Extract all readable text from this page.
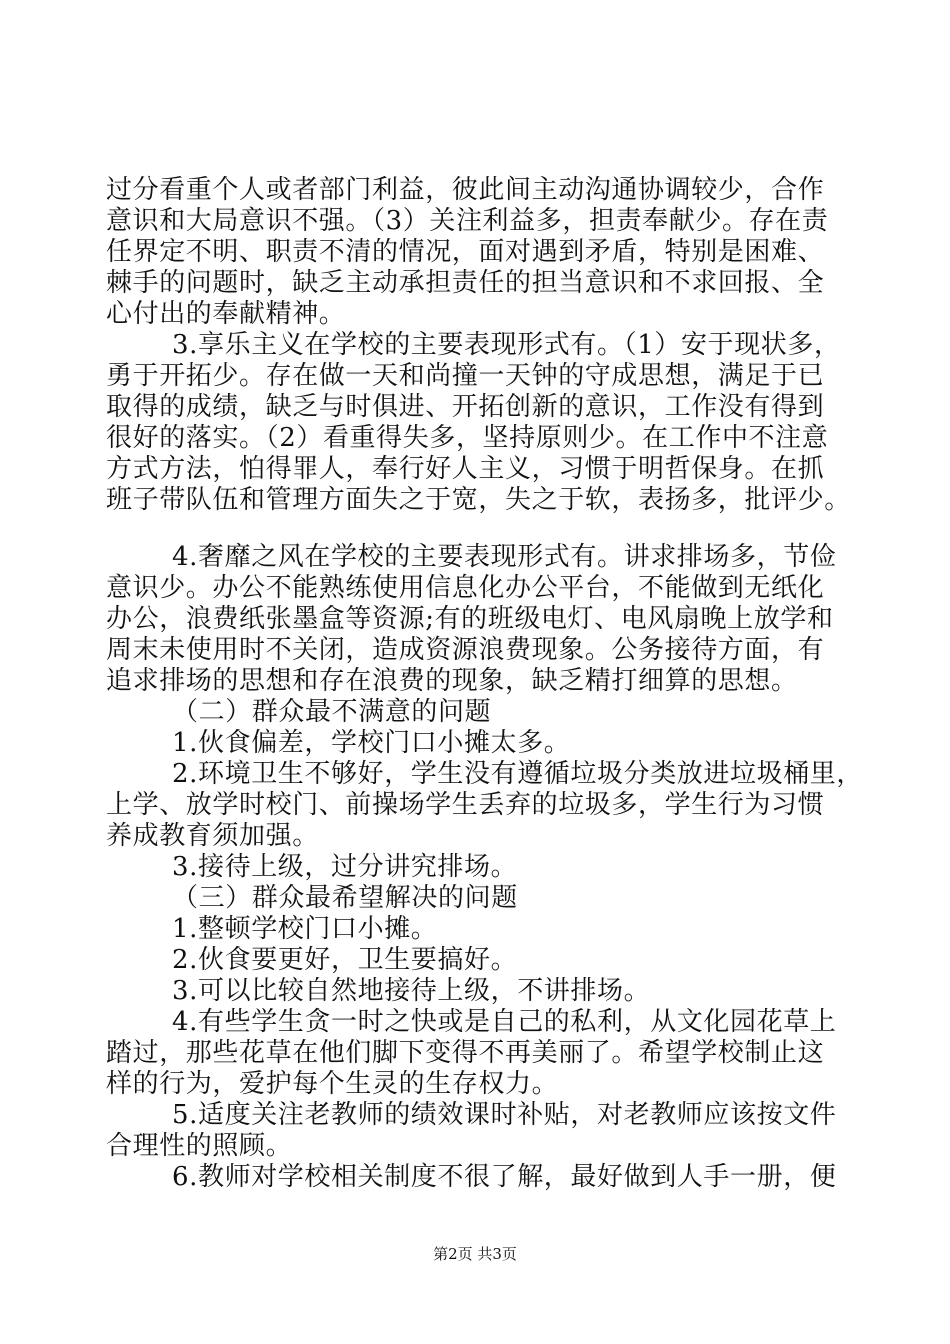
过分看重个人或者部门利益，彼此间主动沟通协调较少，合作
意识和大局意识不强。（3）关注利益多，担责奉献少。存在责
任界定不明、职责不清的情况，面对遇到矛盾，特别是困难、
棘手的问题时，缺乏主动承担责任的担当意识和不求回报、全
心付出的奉献精神。
3.享乐主义在学校的主要表现形式有。（1）安于现状多，
勇于开拓少。存在做一天和尚撞一天钟的守成思想，满足于已
取得的成绩，缺乏与时俱进、开拓创新的意识，工作没有得到
很好的落实。（2）看重得失多，坚持原则少。在工作中不注意
方式方法，怕得罪人，奉行好人主义，习惯于明哲保身。在抓
班子带队伍和管理方面失之于宽，失之于软，表扬多，批评少。
4.奢靡之风在学校的主要表现形式有。讲求排场多，节俭
意识少。办公不能熟练使用信息化办公平台，不能做到无纸化
办公，浪费纸张墨盒等资源;有的班级电灯、电风扇晚上放学和
周末未使用时不关闭，造成资源浪费现象。公务接待方面，有
追求排场的思想和存在浪费的现象，缺乏精打细算的思想。
（二）群众最不满意的问题
1.伙食偏差，学校门口小摊太多。
2.环境卫生不够好，学生没有遵循垃圾分类放进垃圾桶里，
上学、放学时校门、前操场学生丢弃的垃圾多，学生行为习惯
养成教育须加强。
3.接待上级，过分讲究排场。
（三）群众最希望解决的问题
1.整顿学校门口小摊。
2.伙食要更好，卫生要搞好。
3.可以比较自然地接待上级，不讲排场。
4.有些学生贪一时之快或是自己的私利，从文化园花草上
踏过，那些花草在他们脚下变得不再美丽了。希望学校制止这
样的行为，爱护每个生灵的生存权力。
5.适度关注老教师的绩效课时补贴，对老教师应该按文件
合理性的照顾。
6.教师对学校相关制度不很了解，最好做到人手一册，便
第2页 共3页
